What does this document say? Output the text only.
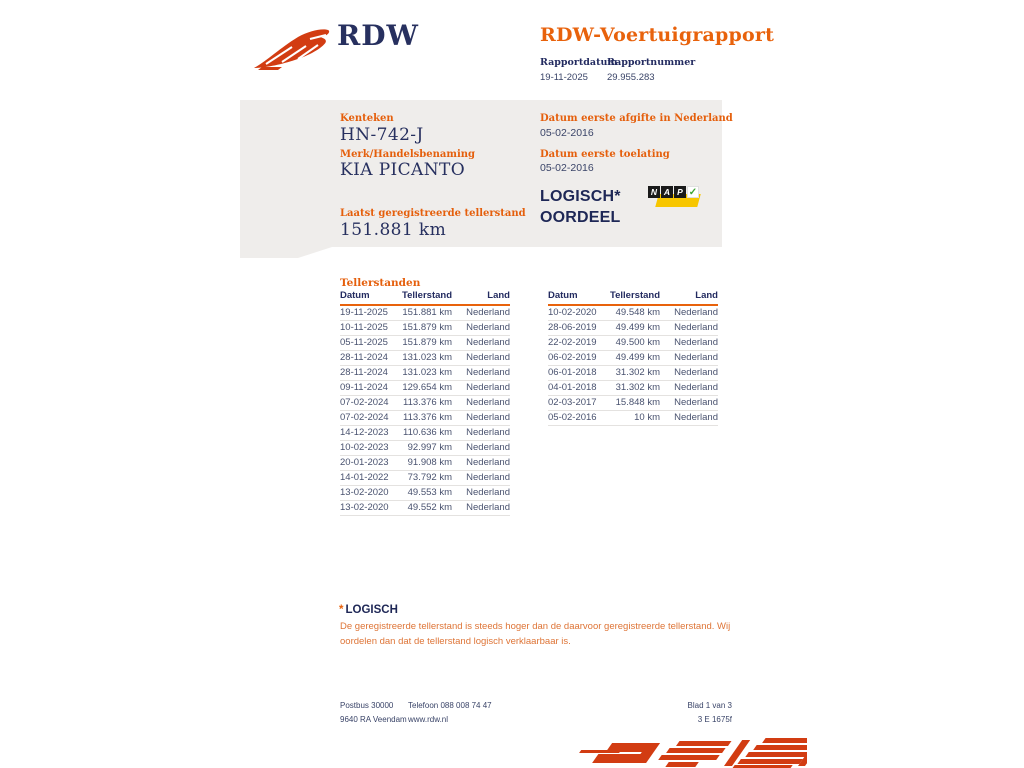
RDW	RDW-Voertuigrapport
Rapportdatum
19-11-2025
Rapportnummer
29.955.283
Kenteken
HN-742-J
Merk/Handelsbenaming
KIA PICANTO
Laatst geregistreerde tellerstand
151.881 km
Datum eerste afgifte in Nederland
05-02-2016
Datum eerste toelating
05-02-2016
LOGISCH*
OORDEEL
N A P ✓
Tellerstanden
Datum	Tellerstand	Land
19-11-2025	151.881 km	Nederland
10-11-2025	151.879 km	Nederland
05-11-2025	151.879 km	Nederland
28-11-2024	131.023 km	Nederland
28-11-2024	131.023 km	Nederland
09-11-2024	129.654 km	Nederland
07-02-2024	113.376 km	Nederland
07-02-2024	113.376 km	Nederland
14-12-2023	110.636 km	Nederland
10-02-2023	92.997 km	Nederland
20-01-2023	91.908 km	Nederland
14-01-2022	73.792 km	Nederland
13-02-2020	49.553 km	Nederland
13-02-2020	49.552 km	Nederland
Datum	Tellerstand	Land
10-02-2020	49.548 km	Nederland
28-06-2019	49.499 km	Nederland
22-02-2019	49.500 km	Nederland
06-02-2019	49.499 km	Nederland
06-01-2018	31.302 km	Nederland
04-01-2018	31.302 km	Nederland
02-03-2017	15.848 km	Nederland
05-02-2016	10 km	Nederland
* LOGISCH
De geregistreerde tellerstand is steeds hoger dan de daarvoor geregistreerde tellerstand. Wij oordelen dan dat de tellerstand logisch verklaarbaar is.
Postbus 30000
9640 RA Veendam
Telefoon 088 008 74 47
www.rdw.nl
Blad 1 van 3
3 E 1675f
